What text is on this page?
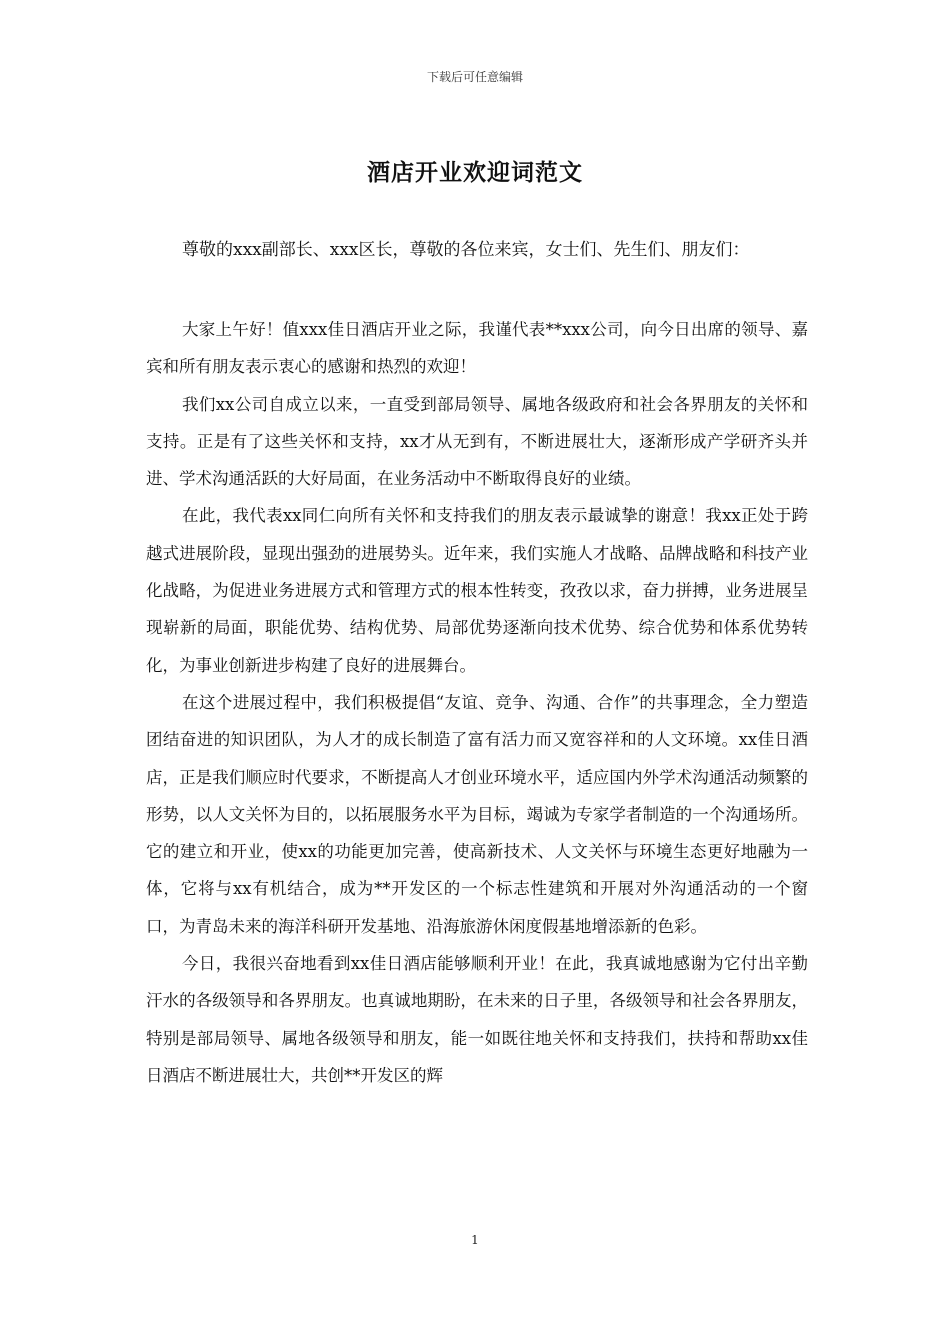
下载后可任意编辑
酒店开业欢迎词范文

尊敬的xxx副部长、xxx区长，尊敬的各位来宾，女士们、先生们、朋友们：

大家上午好！值xxx佳日酒店开业之际，我谨代表**xxx公司，向今日出席的领导、嘉宾和所有朋友表示衷心的感谢和热烈的欢迎！

我们xx公司自成立以来，一直受到部局领导、属地各级政府和社会各界朋友的关怀和支持。正是有了这些关怀和支持，xx才从无到有，不断进展壮大，逐渐形成产学研齐头并进、学术沟通活跃的大好局面，在业务活动中不断取得良好的业绩。

在此，我代表xx同仁向所有关怀和支持我们的朋友表示最诚挚的谢意！我xx正处于跨越式进展阶段，显现出强劲的进展势头。近年来，我们实施人才战略、品牌战略和科技产业化战略，为促进业务进展方式和管理方式的根本性转变，孜孜以求，奋力拼搏，业务进展呈现崭新的局面，职能优势、结构优势、局部优势逐渐向技术优势、综合优势和体系优势转化，为事业创新进步构建了良好的进展舞台。

在这个进展过程中，我们积极提倡“友谊、竞争、沟通、合作”的共事理念，全力塑造团结奋进的知识团队，为人才的成长制造了富有活力而又宽容祥和的人文环境。xx佳日酒店，正是我们顺应时代要求，不断提高人才创业环境水平，适应国内外学术沟通活动频繁的形势，以人文关怀为目的，以拓展服务水平为目标，竭诚为专家学者制造的一个沟通场所。它的建立和开业，使xx的功能更加完善，使高新技术、人文关怀与环境生态更好地融为一体，它将与xx有机结合，成为**开发区的一个标志性建筑和开展对外沟通活动的一个窗口，为青岛未来的海洋科研开发基地、沿海旅游休闲度假基地增添新的色彩。

今日，我很兴奋地看到xx佳日酒店能够顺利开业！在此，我真诚地感谢为它付出辛勤汗水的各级领导和各界朋友。也真诚地期盼，在未来的日子里，各级领导和社会各界朋友，特别是部局领导、属地各级领导和朋友，能一如既往地关怀和支持我们，扶持和帮助xx佳日酒店不断进展壮大，共创**开发区的辉

1
